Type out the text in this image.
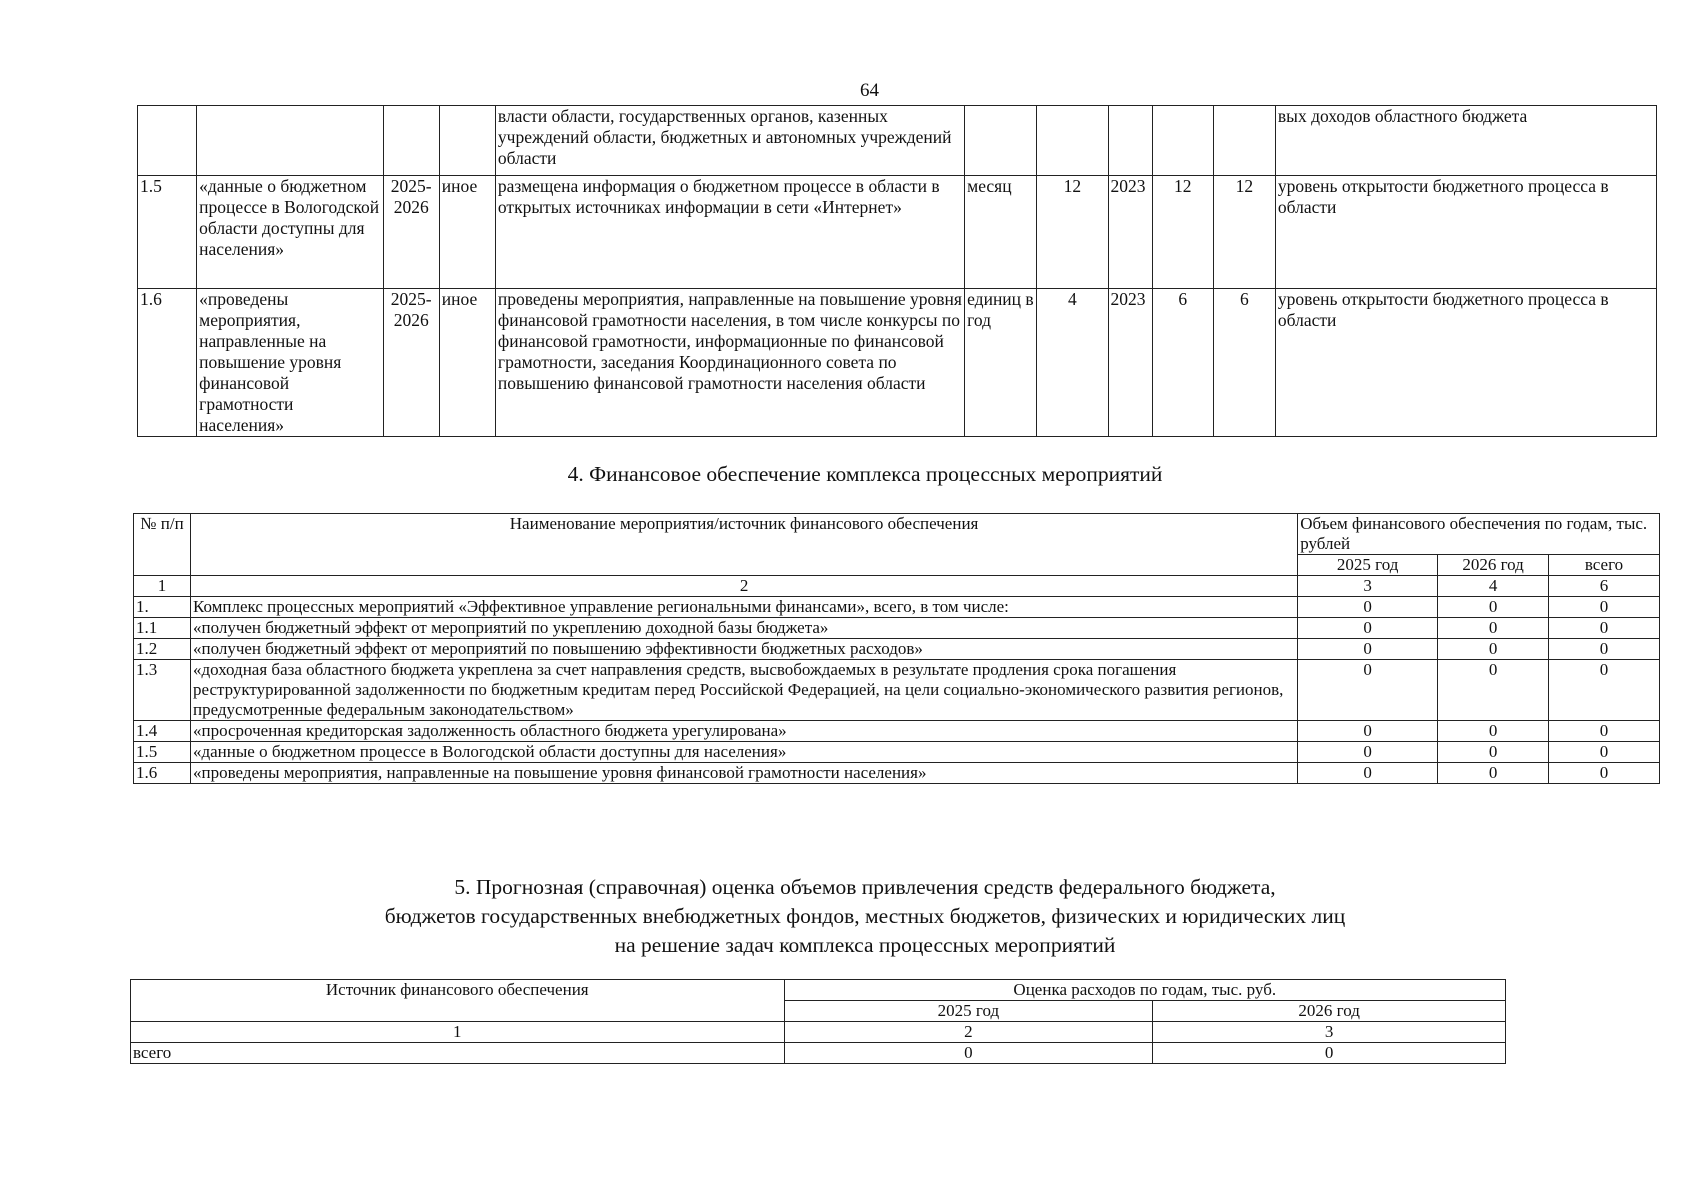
64
				власти области, государственных органов, казенных учреждений области, бюджетных и автономных учреждений области						вых доходов областного бюджета
1.5	«данные о бюджетном процессе в Вологодской области доступны для населения»	2025-2026	иное	размещена информация о бюджетном процессе в области в открытых источниках информации в сети «Интернет»	месяц	12	2023	12	12	уровень открытости бюджетного процесса в области
1.6	«проведены мероприятия, направленные на повышение уровня финансовой грамотности населения»	2025-2026	иное	проведены мероприятия, направленные на повышение уровня финансовой грамотности населения, в том числе конкурсы по финансовой грамотности, информационные по финансовой грамотности, заседания Координационного совета по повышению финансовой грамотности населения области	единиц в год	4	2023	6	6	уровень открытости бюджетного процесса в области
4. Финансовое обеспечение комплекса процессных мероприятий
№ п/п	Наименование мероприятия/источник финансового обеспечения	Объем финансового обеспечения по годам, тыс. рублей		
		2025 год	2026 год	всего
1	2	3	4	6
1.	Комплекс процессных мероприятий «Эффективное управление региональными финансами», всего, в том числе:	0	0	0
1.1	«получен бюджетный эффект от мероприятий по укреплению доходной базы бюджета»	0	0	0
1.2	«получен бюджетный эффект от мероприятий по повышению эффективности бюджетных расходов»	0	0	0
1.3	«доходная база областного бюджета укреплена за счет направления средств, высвобождаемых в результате продления срока погашения реструктурированной задолженности по бюджетным кредитам перед Российской Федерацией, на цели социально-экономического развития регионов, предусмотренные федеральным законодательством»	0	0	0
1.4	«просроченная кредиторская задолженность областного бюджета урегулирована»	0	0	0
1.5	«данные о бюджетном процессе в Вологодской области доступны для населения»	0	0	0
1.6	«проведены мероприятия, направленные на повышение уровня финансовой грамотности населения»	0	0	0
5. Прогнозная (справочная) оценка объемов привлечения средств федерального бюджета,
бюджетов государственных внебюджетных фондов, местных бюджетов, физических и юридических лиц
на решение задач комплекса процессных мероприятий
Источник финансового обеспечения	Оценка расходов по годам, тыс. руб.	
	2025 год	2026 год
1	2	3
всего	0	0
